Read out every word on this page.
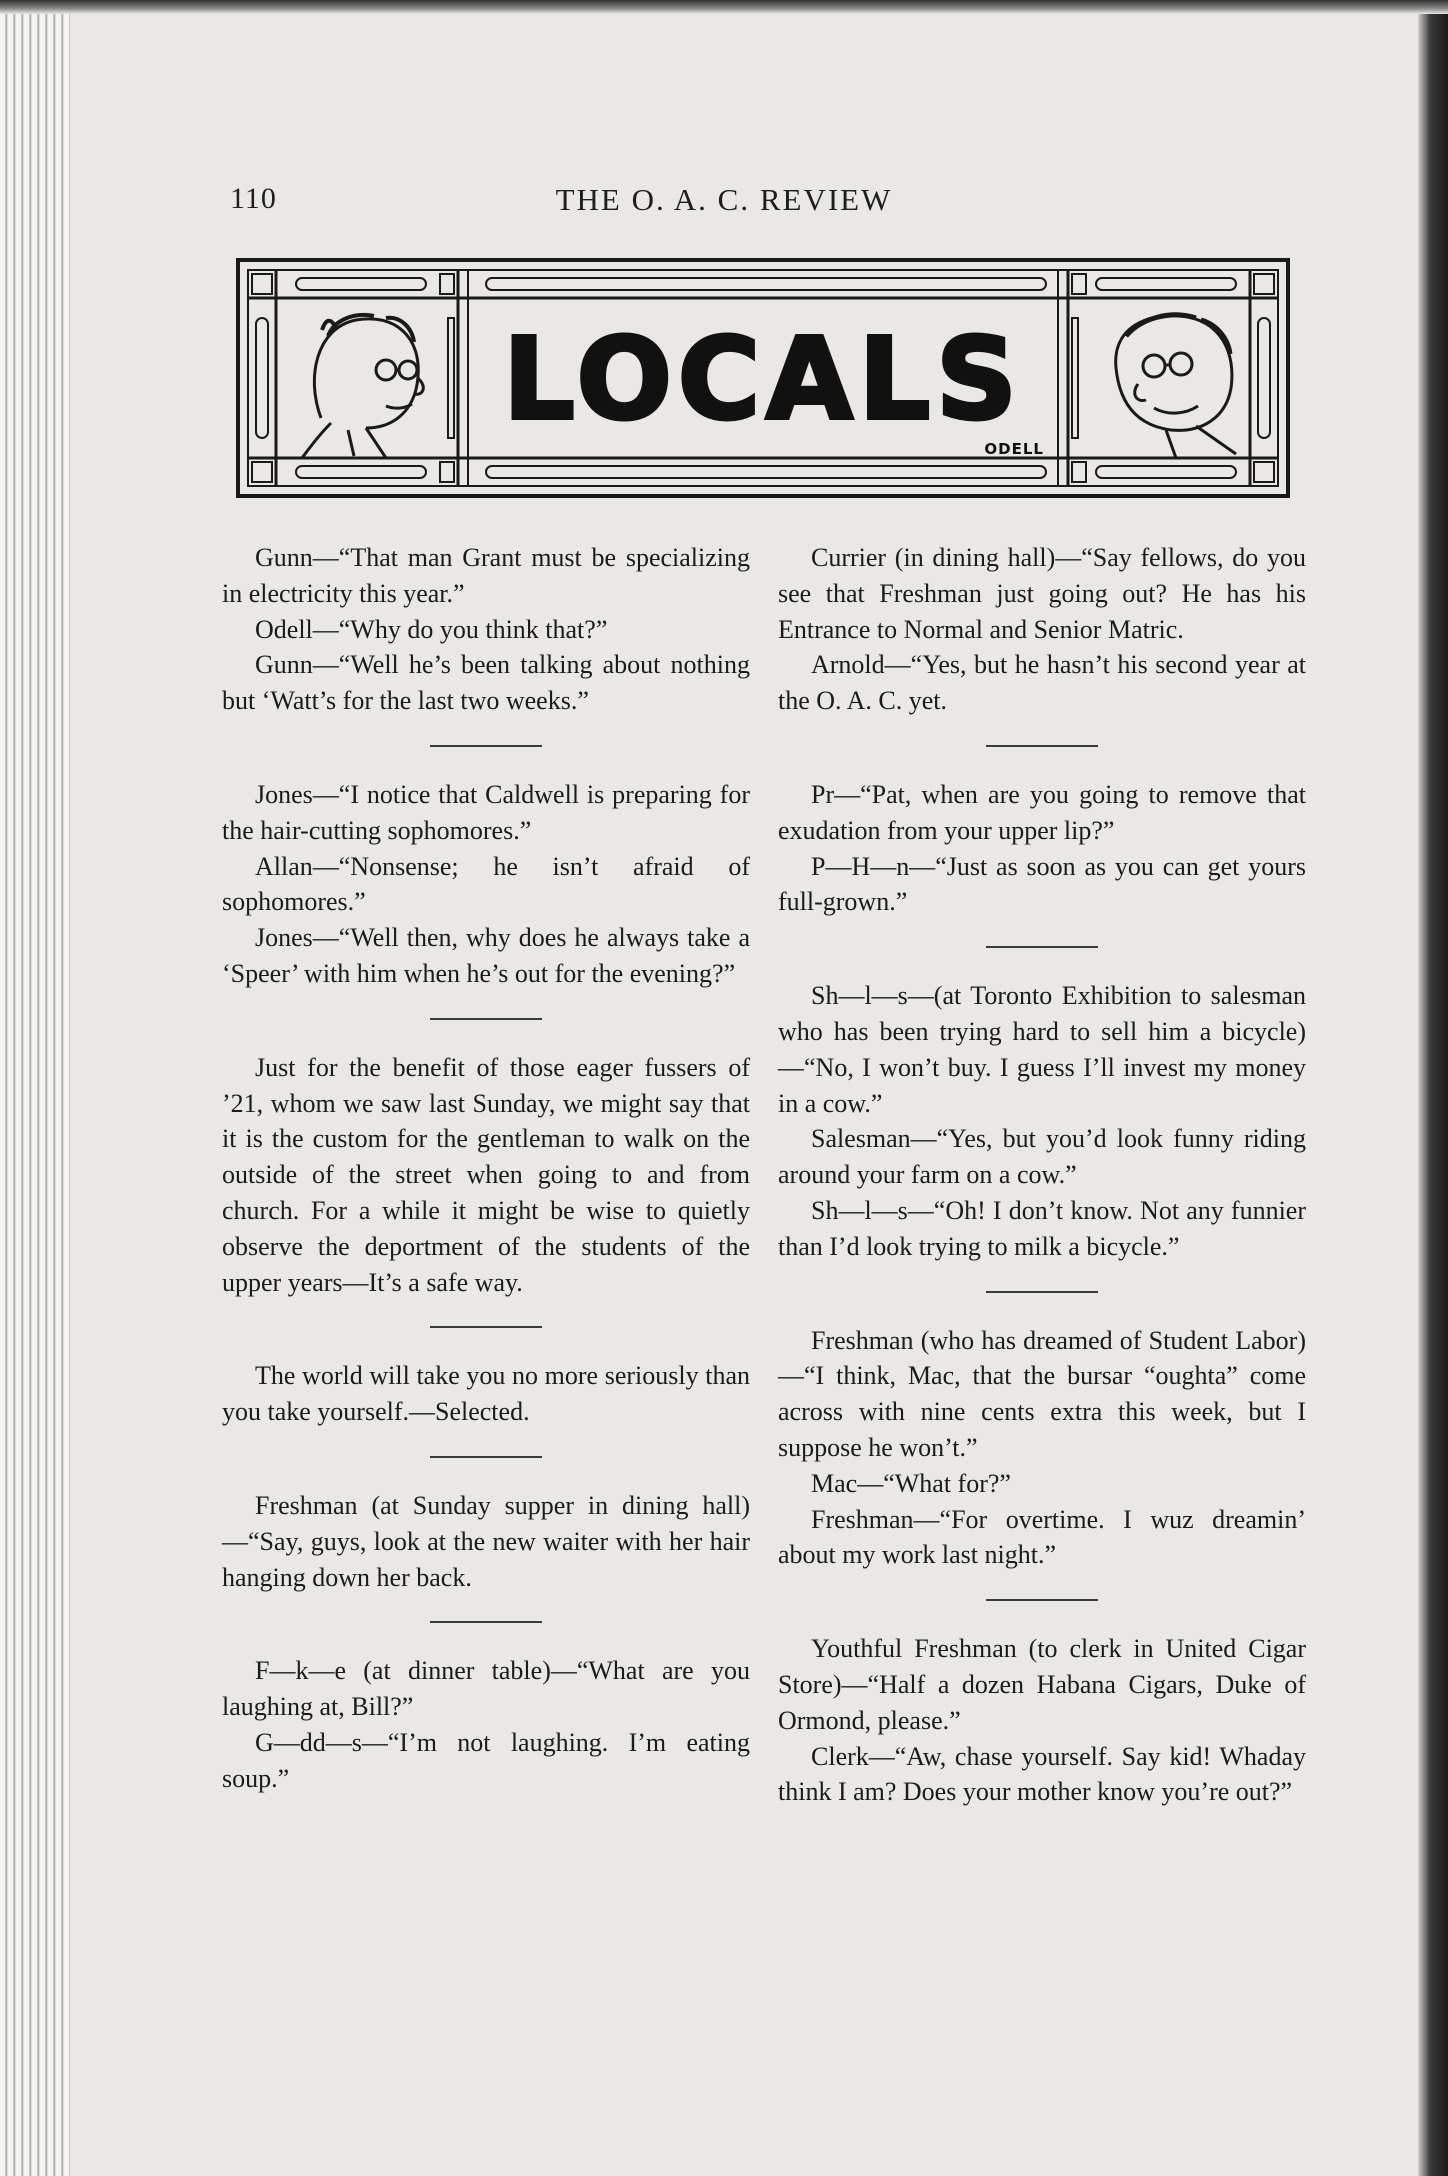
110	THE O. A. C. REVIEW
LOCALS
ODELL

Gunn—“That man Grant must be specializing in electricity this year.”

Odell—“Why do you think that?”

Gunn—“Well he’s been talking about nothing but ‘Watt’s for the last two weeks.”

Jones—“I notice that Caldwell is preparing for the hair-cutting sophomores.”

Allan—“Nonsense; he isn’t afraid of sophomores.”

Jones—“Well then, why does he always take a ‘Speer’ with him when he’s out for the evening?”

Just for the benefit of those eager fussers of ’21, whom we saw last Sunday, we might say that it is the custom for the gentleman to walk on the outside of the street when going to and from church. For a while it might be wise to quietly observe the deportment of the students of the upper years—It’s a safe way.

The world will take you no more seriously than you take yourself.—Selected.

Freshman (at Sunday supper in dining hall)—“Say, guys, look at the new waiter with her hair hanging down her back.

F—k—e (at dinner table)—“What are you laughing at, Bill?”

G—dd—s—“I’m not laughing. I’m eating soup.”

Currier (in dining hall)—“Say fellows, do you see that Freshman just going out? He has his Entrance to Normal and Senior Matric.

Arnold—“Yes, but he hasn’t his second year at the O. A. C. yet.

Pr—“Pat, when are you going to remove that exudation from your upper lip?”

P—H—n—“Just as soon as you can get yours full-grown.”

Sh—l—s—(at Toronto Exhibition to salesman who has been trying hard to sell him a bicycle)—“No, I won’t buy. I guess I’ll invest my money in a cow.”

Salesman—“Yes, but you’d look funny riding around your farm on a cow.”

Sh—l—s—“Oh! I don’t know. Not any funnier than I’d look trying to milk a bicycle.”

Freshman (who has dreamed of Student Labor)—“I think, Mac, that the bursar “oughta” come across with nine cents extra this week, but I suppose he won’t.”

Mac—“What for?”

Freshman—“For overtime. I wuz dreamin’ about my work last night.”

Youthful Freshman (to clerk in United Cigar Store)—“Half a dozen Habana Cigars, Duke of Ormond, please.”

Clerk—“Aw, chase yourself. Say kid! Whaday think I am? Does your mother know you’re out?”
